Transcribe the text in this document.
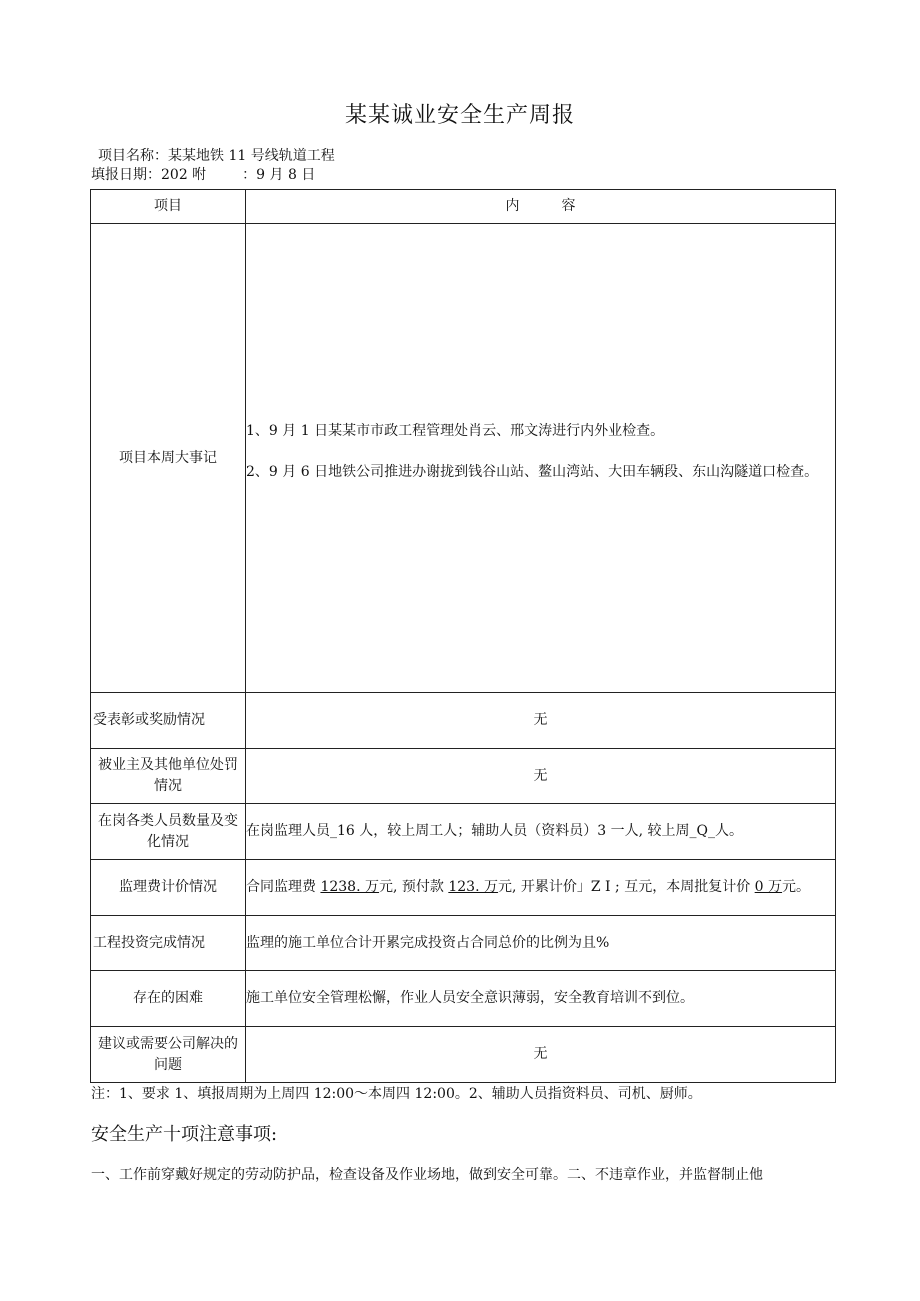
某某诚业安全生产周报
项目名称：某某地铁 11 号线轨道工程
填报日期：202 咐	：9 月 8 日
项目	内　　　容
项目本周大事记	1、9 月 1 日某某市市政工程管理处肖云、邢文涛进行内外业检查。

2、9 月 6 日地铁公司推进办谢拢到钱谷山站、鳌山湾站、大田车辆段、东山沟隧道口检查。

受表彰或奖励情况	无
被业主及其他单位处罚情况	无
在岗各类人员数量及变化情况	在岗监理人员_16 人，较上周工人；辅助人员（资料员）3 一人, 较上周_Q_人。
监理费计价情况	合同监理费 1238. 万元, 预付款 123. 万元, 开累计价」Z I ; 互元，本周批复计价 0 万元。
工程投资完成情况	监理的施工单位合计开累完成投资占合同总价的比例为且%
存在的困难	施工单位安全管理松懈，作业人员安全意识薄弱，安全教育培训不到位。
建议或需要公司解决的问题	无
注：1、要求 1、填报周期为上周四 12:00～本周四 12:00。2、辅助人员指资料员、司机、厨师。
安全生产十项注意事项:
一、工作前穿戴好规定的劳动防护品，检查设备及作业场地，做到安全可靠。二、不违章作业，并监督制止他
